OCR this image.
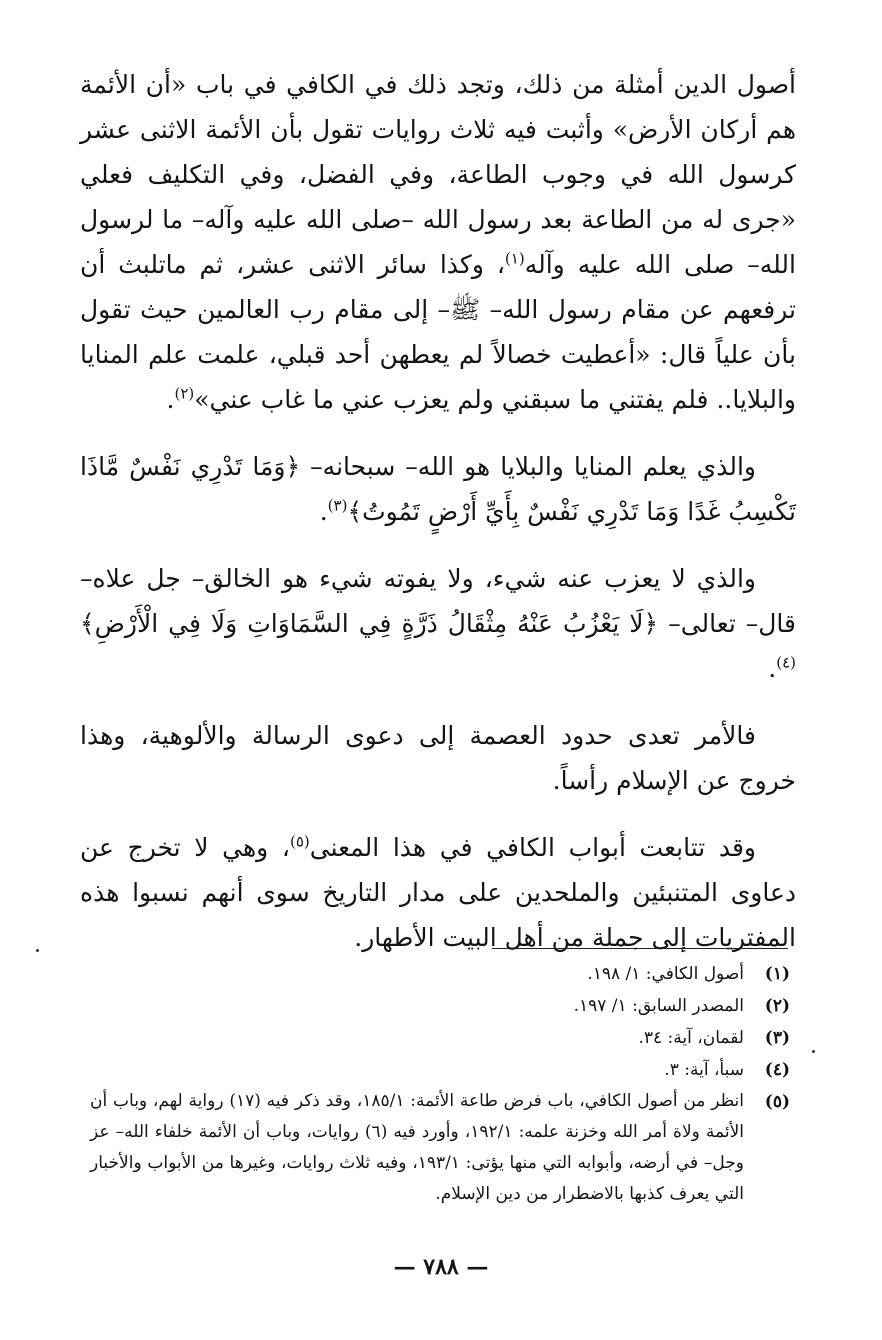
أصول الدين أمثلة من ذلك، وتجد ذلك في الكافي في باب «أن الأئمة هم أركان الأرض» وأثبت فيه ثلاث روايات تقول بأن الأئمة الاثنى عشر كرسول الله في وجوب الطاعة، وفي الفضل، وفي التكليف فعلي «جرى له من الطاعة بعد رسول الله –صلى الله عليه وآله– ما لرسول الله– صلى الله عليه وآله$^{(١)}$، وكذا سائر الاثنى عشر، ثم ماتلبث أن ترفعهم عن مقام رسول الله– ﷺ– إلى مقام رب العالمين حيث تقول بأن علياً قال: «أعطيت خصالاً لم يعطهن أحد قبلي، علمت علم المنايا والبلايا.. فلم يفتني ما سبقني ولم يعزب عني ما غاب عني»$^{(٢)}$.

والذي يعلم المنايا والبلايا هو الله– سبحانه– ﴿وَمَا تَدْرِي نَفْسٌ مَّاذَا تَكْسِبُ غَدًا وَمَا تَدْرِي نَفْسٌ بِأَيِّ أَرْضٍ تَمُوتُ﴾$^{(٣)}$.

والذي لا يعزب عنه شيء، ولا يفوته شيء هو الخالق– جل علاه– قال– تعالى– ﴿لَا يَعْزُبُ عَنْهُ مِثْقَالُ ذَرَّةٍ فِي السَّمَاوَاتِ وَلَا فِي الْأَرْضِ﴾$^{(٤)}$.

فالأمر تعدى حدود العصمة إلى دعوى الرسالة والألوهية، وهذا خروج عن الإسلام رأساً.

وقد تتابعت أبواب الكافي في هذا المعنى$^{(٥)}$، وهي لا تخرج عن دعاوى المتنبئين والملحدين على مدار التاريخ سوى أنهم نسبوا هذه المفتريات إلى جملة من أهل البيت الأطهار.

(١)
أصول الكافي: ١/ ١٩٨.
(٢)
المصدر السابق: ١/ ١٩٧.
(٣)
لقمان، آية: ٣٤.
(٤)
سبأ، آية: ٣.
(٥)
انظر من أصول الكافي، باب فرض طاعة الأئمة: ١٨٥/١، وقد ذكر فيه (١٧) رواية لهم، وباب أن الأئمة ولاة أمر الله وخزنة علمه: ١٩٢/١، وأورد فيه (٦) روايات، وباب أن الأئمة خلفاء الله– عز وجل– في أرضه، وأبوابه التي منها يؤتى: ١٩٣/١، وفيه ثلاث روايات، وغيرها من الأبواب والأخبار التي يعرف كذبها بالاضطرار من دين الإسلام.
— ٧٨٨ —
